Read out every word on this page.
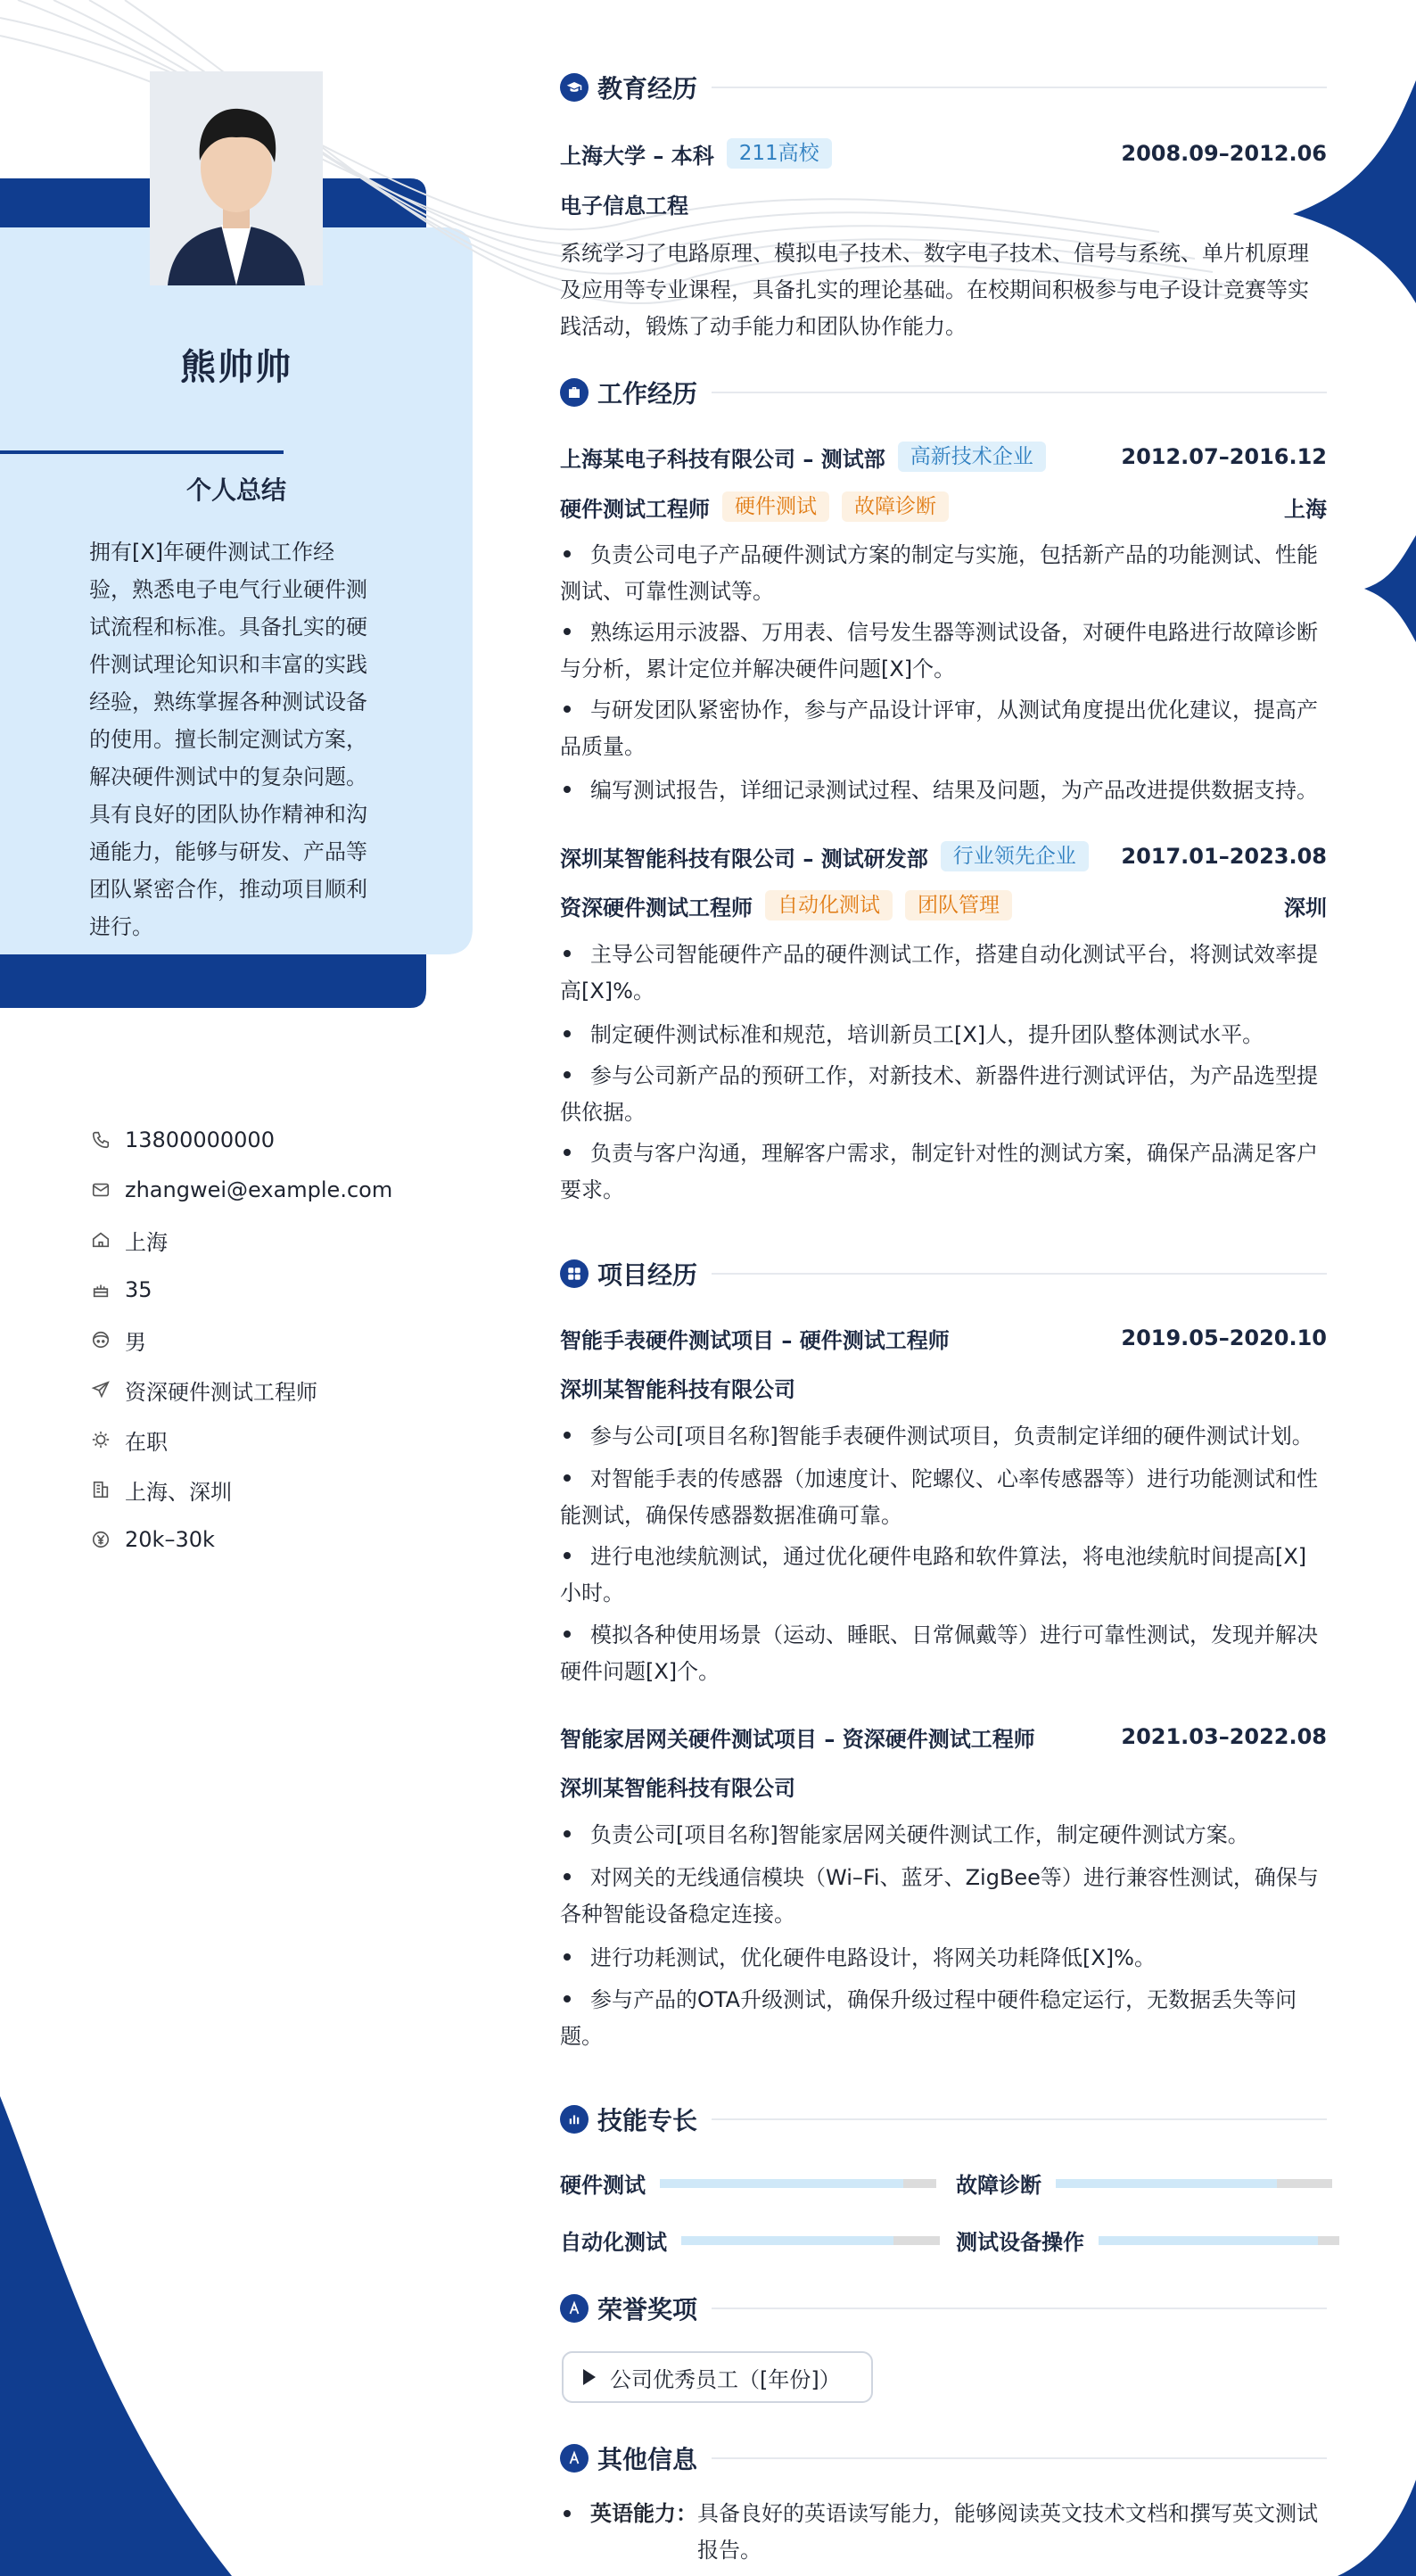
熊帅帅
个人总结
拥有[X]年硬件测试工作经验，熟悉电子电气行业硬件测试流程和标准。具备扎实的硬件测试理论知识和丰富的实践经验，熟练掌握各种测试设备的使用。擅长制定测试方案，解决硬件测试中的复杂问题。具有良好的团队协作精神和沟通能力，能够与研发、产品等团队紧密合作，推动项目顺利进行。
13800000000
zhangwei@example.com
上海
35
男
资深硬件测试工程师
在职
上海、深圳
20k–30k
教育经历
上海大学 – 本科	211高校	2008.09–2012.06
电子信息工程
系统学习了电路原理、模拟电子技术、数字电子技术、信号与系统、单片机原理及应用等专业课程，具备扎实的理论基础。在校期间积极参与电子设计竞赛等实践活动，锻炼了动手能力和团队协作能力。
工作经历
上海某电子科技有限公司 – 测试部	高新技术企业	2012.07–2016.12
硬件测试工程师	硬件测试	故障诊断	上海
负责公司电子产品硬件测试方案的制定与实施，包括新产品的功能测试、性能测试、可靠性测试等。
熟练运用示波器、万用表、信号发生器等测试设备，对硬件电路进行故障诊断与分析，累计定位并解决硬件问题[X]个。
与研发团队紧密协作，参与产品设计评审，从测试角度提出优化建议，提高产品质量。
编写测试报告，详细记录测试过程、结果及问题，为产品改进提供数据支持。
深圳某智能科技有限公司 – 测试研发部	行业领先企业	2017.01–2023.08
资深硬件测试工程师	自动化测试	团队管理	深圳
主导公司智能硬件产品的硬件测试工作，搭建自动化测试平台，将测试效率提高[X]%。
制定硬件测试标准和规范，培训新员工[X]人，提升团队整体测试水平。
参与公司新产品的预研工作，对新技术、新器件进行测试评估，为产品选型提供依据。
负责与客户沟通，理解客户需求，制定针对性的测试方案，确保产品满足客户要求。
项目经历
智能手表硬件测试项目 – 硬件测试工程师	2019.05–2020.10
深圳某智能科技有限公司
参与公司[项目名称]智能手表硬件测试项目，负责制定详细的硬件测试计划。
对智能手表的传感器（加速度计、陀螺仪、心率传感器等）进行功能测试和性能测试，确保传感器数据准确可靠。
进行电池续航测试，通过优化硬件电路和软件算法，将电池续航时间提高[X]小时。
模拟各种使用场景（运动、睡眠、日常佩戴等）进行可靠性测试，发现并解决硬件问题[X]个。
智能家居网关硬件测试项目 – 资深硬件测试工程师	2021.03–2022.08
深圳某智能科技有限公司
负责公司[项目名称]智能家居网关硬件测试工作，制定硬件测试方案。
对网关的无线通信模块（Wi–Fi、蓝牙、ZigBee等）进行兼容性测试，确保与各种智能设备稳定连接。
进行功耗测试，优化硬件电路设计，将网关功耗降低[X]%。
参与产品的OTA升级测试，确保升级过程中硬件稳定运行，无数据丢失等问题。
技能专长
硬件测试	故障诊断
自动化测试	测试设备操作
荣誉奖项
公司优秀员工（[年份]）
其他信息
英语能力： 具备良好的英语读写能力，能够阅读英文技术文档和撰写英文测试报告。
